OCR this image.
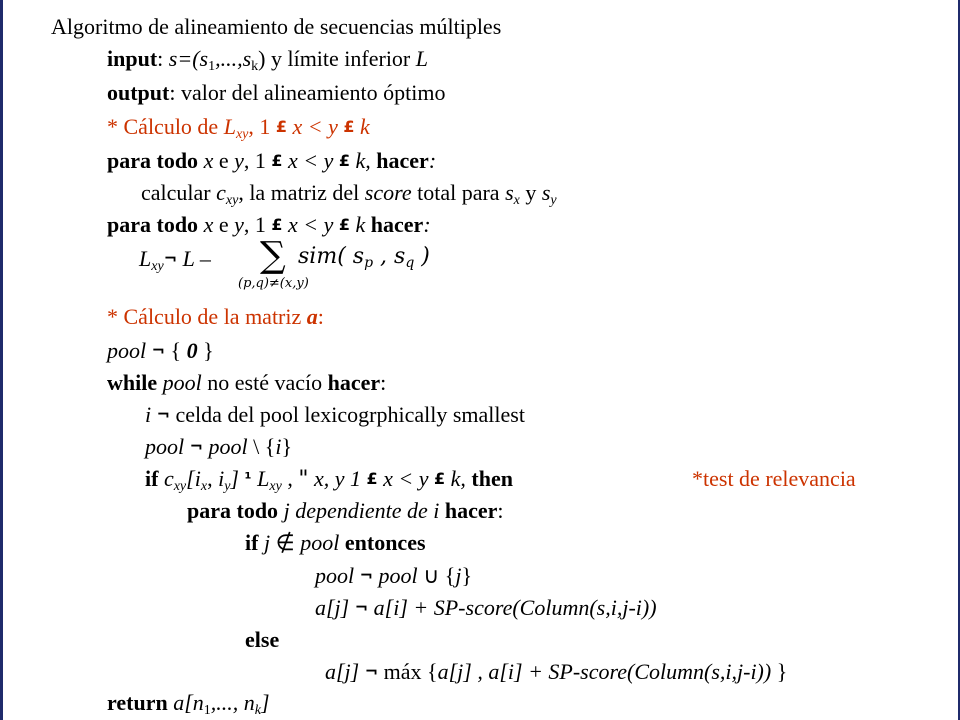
Algoritmo de alineamiento de secuencias múltiples
input: $s=(s_1,...,s_k)$ y límite inferior L
output: valor del alineamiento óptimo
* Cálculo de $L_{xy}$, 1 £ x < y £ k
para todo x e y, 1 £ x < y £ k, hacer:
calcular $c_{xy}$, la matriz del score total para $s_x$ y $s_y$
para todo x e y, 1 £ x < y £ k hacer:
$L_{xy}\neg$ L – ∑ sim( $s_p$ , $s_q$ )
(p,q)≠(x,y)
* Cálculo de la matriz a:
pool ¬ { 0 }
while pool no esté vacío hacer:
i ¬ celda del pool lexicogrphically smallest
pool ¬ pool \ {i}
if $c_{xy}[i_x$, $i_y$] ¹ $L_{xy}$ , " x, y 1 £ x < y £ k, then	*test de relevancia
para todo j dependiente de i hacer:
if j ∉ pool entonces
pool ¬ pool ∪ {j}
a[j] ¬ a[i] + SP-score(Column(s,i,j-i))
else
a[j] ¬ máx {a[j] , a[i] + SP-score(Column(s,i,j-i)) }
return $a[n_1$,..., $n_k$]
